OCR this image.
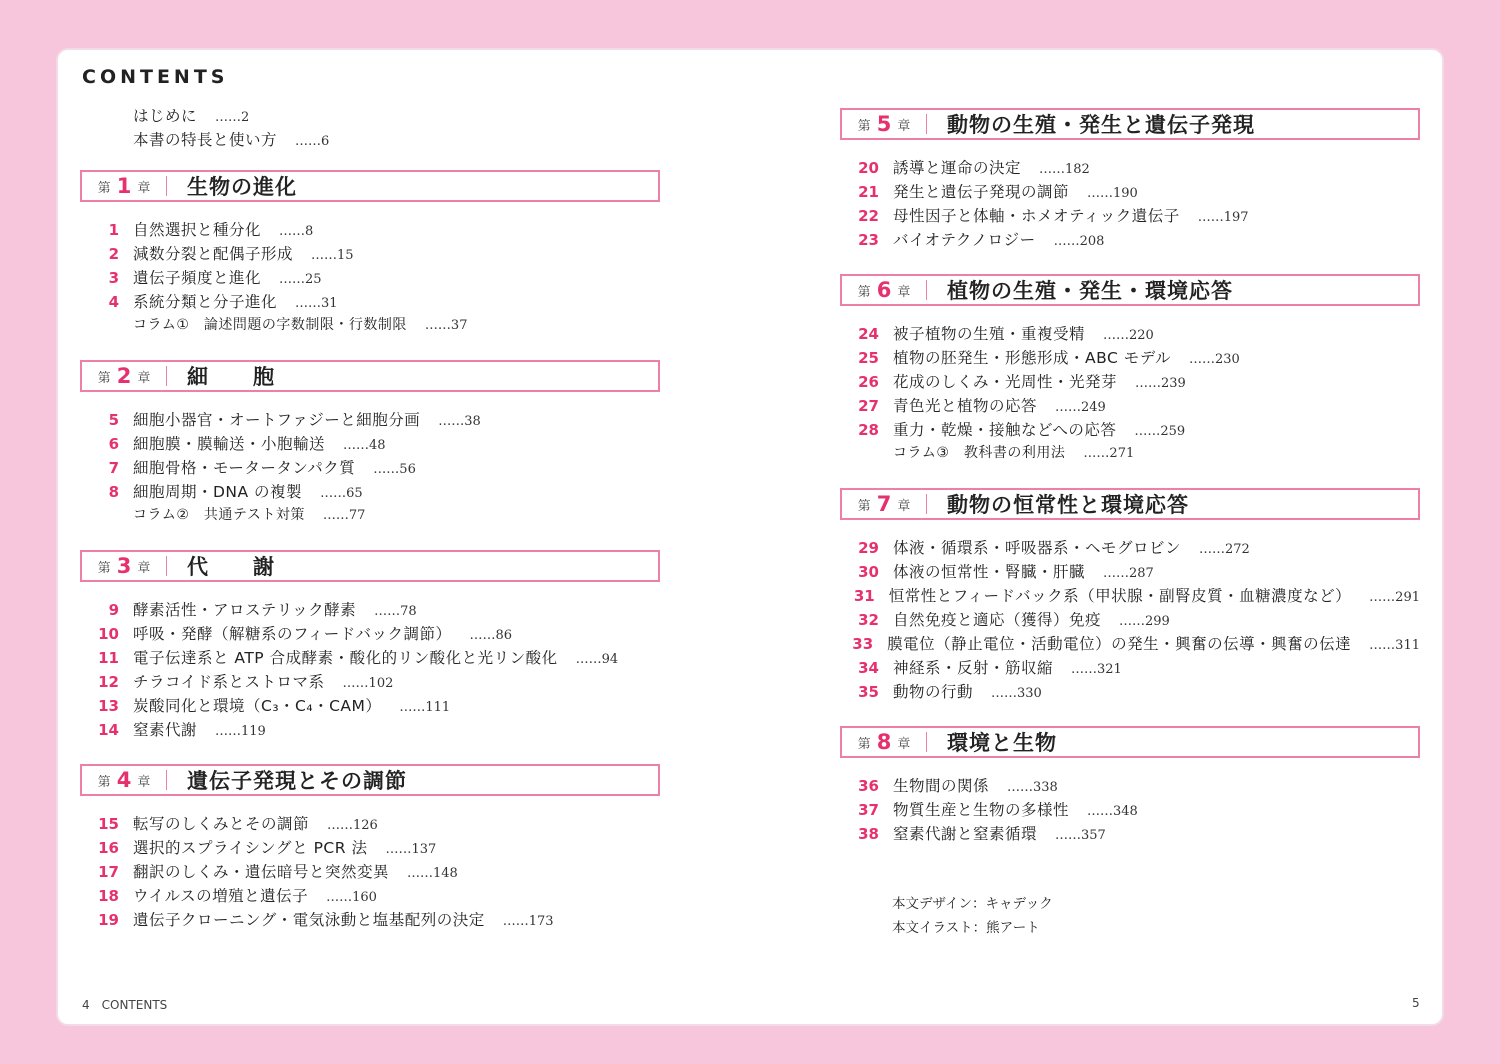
CONTENTS
はじめに ……2
本書の特長と使い方 ……6
第 1 章	生物の進化
1 自然選択と種分化 ……8
2 減数分裂と配偶子形成 ……15
3 遺伝子頻度と進化 ……25
4 系統分類と分子進化 ……31
コラム①　論述問題の字数制限・行数制限 ……37
第 2 章	細　　胞
5 細胞小器官・オートファジーと細胞分画 ……38
6 細胞膜・膜輸送・小胞輸送 ……48
7 細胞骨格・モータータンパク質 ……56
8 細胞周期・DNA の複製 ……65
コラム②　共通テスト対策 ……77
第 3 章	代　　謝
9 酵素活性・アロステリック酵素 ……78
10 呼吸・発酵（解糖系のフィードバック調節） ……86
11 電子伝達系と ATP 合成酵素・酸化的リン酸化と光リン酸化 ……94
12 チラコイド系とストロマ系 ……102
13 炭酸同化と環境（C₃・C₄・CAM） ……111
14 窒素代謝 ……119
第 4 章	遺伝子発現とその調節
15 転写のしくみとその調節 ……126
16 選択的スプライシングと PCR 法 ……137
17 翻訳のしくみ・遺伝暗号と突然変異 ……148
18 ウイルスの増殖と遺伝子 ……160
19 遺伝子クローニング・電気泳動と塩基配列の決定 ……173
第 5 章	動物の生殖・発生と遺伝子発現
20 誘導と運命の決定 ……182
21 発生と遺伝子発現の調節 ……190
22 母性因子と体軸・ホメオティック遺伝子 ……197
23 バイオテクノロジー ……208
第 6 章	植物の生殖・発生・環境応答
24 被子植物の生殖・重複受精 ……220
25 植物の胚発生・形態形成・ABC モデル ……230
26 花成のしくみ・光周性・光発芽 ……239
27 青色光と植物の応答 ……249
28 重力・乾燥・接触などへの応答 ……259
コラム③　教科書の利用法 ……271
第 7 章	動物の恒常性と環境応答
29 体液・循環系・呼吸器系・ヘモグロビン ……272
30 体液の恒常性・腎臓・肝臓 ……287
31 恒常性とフィードバック系（甲状腺・副腎皮質・血糖濃度など） ……291
32 自然免疫と適応（獲得）免疫 ……299
33 膜電位（静止電位・活動電位）の発生・興奮の伝導・興奮の伝達 ……311
34 神経系・反射・筋収縮 ……321
35 動物の行動 ……330
第 8 章	環境と生物
36 生物間の関係 ……338
37 物質生産と生物の多様性 ……348
38 窒素代謝と窒素循環 ……357
本文デザイン：キャデック
本文イラスト：熊アート
4　CONTENTS	5
